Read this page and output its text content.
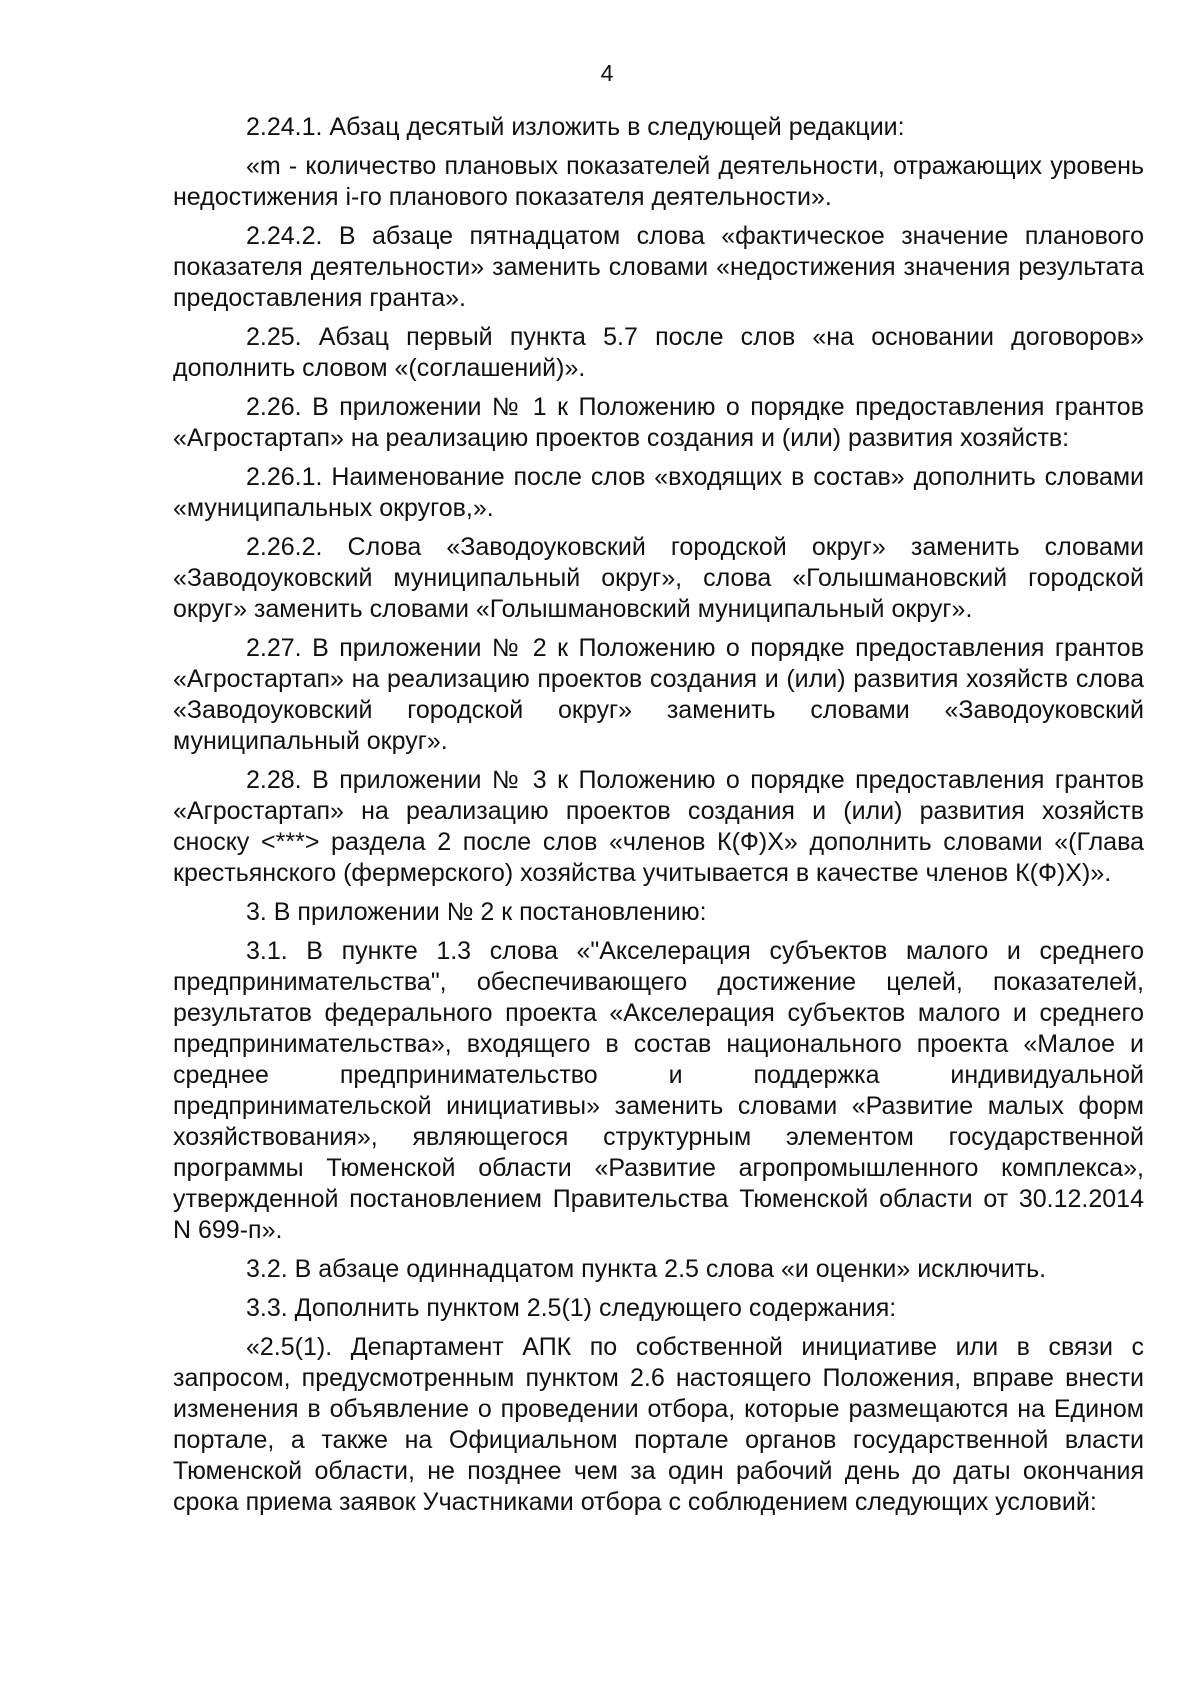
4

2.24.1. Абзац десятый изложить в следующей редакции:

«m - количество плановых показателей деятельности, отражающих уровень недостижения i-го планового показателя деятельности».

2.24.2. В абзаце пятнадцатом слова «фактическое значение планового показателя деятельности» заменить словами «недостижения значения результата предоставления гранта».

2.25. Абзац первый пункта 5.7 после слов «на основании договоров» дополнить словом «(соглашений)».

2.26. В приложении № 1 к Положению о порядке предоставления грантов «Агростартап» на реализацию проектов создания и (или) развития хозяйств:

2.26.1. Наименование после слов «входящих в состав» дополнить словами «муниципальных округов,».

2.26.2. Слова «Заводоуковский городской округ» заменить словами «Заводоуковский муниципальный округ», слова «Голышмановский городской округ» заменить словами «Голышмановский муниципальный округ».

2.27. В приложении № 2 к Положению о порядке предоставления грантов «Агростартап» на реализацию проектов создания и (или) развития хозяйств слова «Заводоуковский городской округ» заменить словами «Заводоуковский муниципальный округ».

2.28. В приложении № 3 к Положению о порядке предоставления грантов «Агростартап» на реализацию проектов создания и (или) развития хозяйств сноску <***> раздела 2 после слов «членов К(Ф)Х» дополнить словами «(Глава крестьянского (фермерского) хозяйства учитывается в качестве членов К(Ф)Х)».

3. В приложении № 2 к постановлению:

3.1. В пункте 1.3 слова «"Акселерация субъектов малого и среднего предпринимательства", обеспечивающего достижение целей, показателей, результатов федерального проекта «Акселерация субъектов малого и среднего предпринимательства», входящего в состав национального проекта «Малое и среднее предпринимательство и поддержка индивидуальной предпринимательской инициативы» заменить словами «Развитие малых форм хозяйствования», являющегося структурным элементом государственной программы Тюменской области «Развитие агропромышленного комплекса», утвержденной постановлением Правительства Тюменской области от 30.12.2014 N 699-п».

3.2. В абзаце одиннадцатом пункта 2.5 слова «и оценки» исключить.

3.3. Дополнить пунктом 2.5(1) следующего содержания:

«2.5(1). Департамент АПК по собственной инициативе или в связи с запросом, предусмотренным пунктом 2.6 настоящего Положения, вправе внести изменения в объявление о проведении отбора, которые размещаются на Едином портале, а также на Официальном портале органов государственной власти Тюменской области, не позднее чем за один рабочий день до даты окончания срока приема заявок Участниками отбора с соблюдением следующих условий:
